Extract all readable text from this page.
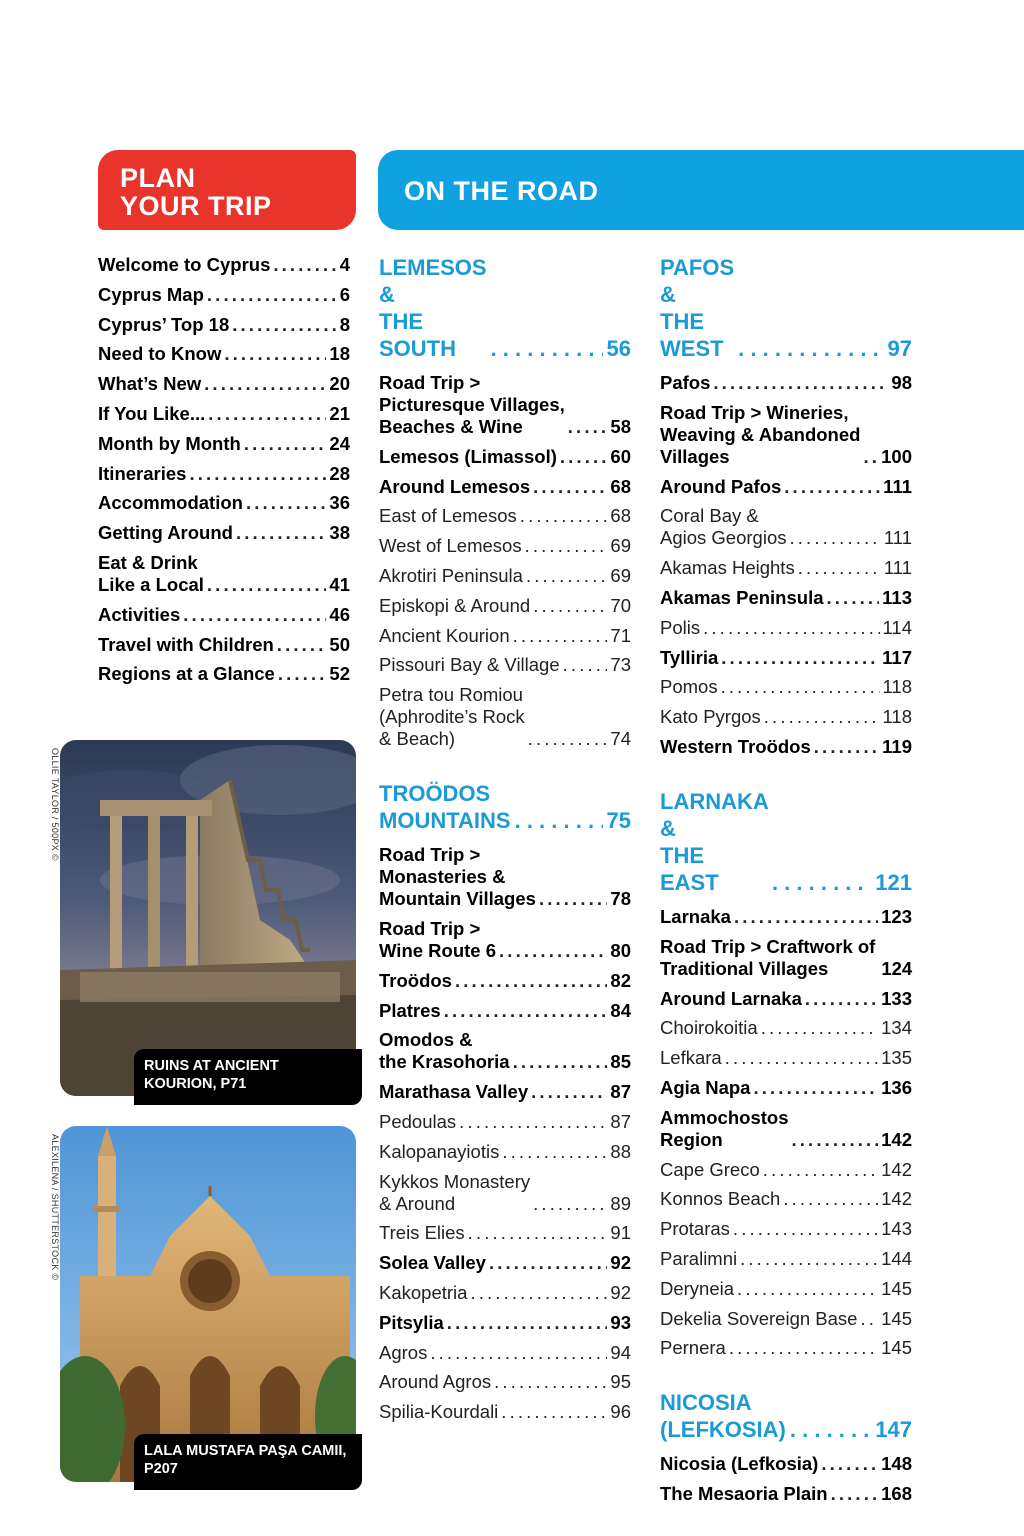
PLAN
YOUR TRIP	ON THE ROAD
Welcome to Cyprus . . .	4
Cyprus Map . . .	6
Cyprus’ Top 18 . . .	8
Need to Know . . .	18
What’s New . . .	20
If You Like... . . .	21
Month by Month . . .	24
Itineraries . . .	28
Accommodation . . .	36
Getting Around . . .	38
Eat & Drink
Like a Local . . .	41
Activities . . .	46
Travel with Children . . .	50
Regions at a Glance . . .	52
LEMESOS &
THE SOUTH . . .	56
Road Trip >
Picturesque Villages,
Beaches & Wine . . .	58
Lemesos (Limassol) . . .	60
Around Lemesos . . .	68
East of Lemesos . . .	68
West of Lemesos . . .	69
Akrotiri Peninsula . . .	69
Episkopi & Around . . .	70
Ancient Kourion . . .	71
Pissouri Bay & Village . . .	73
Petra tou Romiou
(Aphrodite’s Rock
& Beach) . . .	74
TROÖDOS
MOUNTAINS . . .	75
Road Trip >
Monasteries &
Mountain Villages . . .	78
Road Trip >
Wine Route 6 . . .	80
Troödos . . .	82
Platres . . .	84
Omodos &
the Krasohoria . . .	85
Marathasa Valley . . .	87
Pedoulas . . .	87
Kalopanayiotis . . .	88
Kykkos Monastery
& Around . . .	89
Treis Elies . . .	91
Solea Valley . . .	92
Kakopetria . . .	92
Pitsylia . . .	93
Agros . . .	94
Around Agros . . .	95
Spilia-Kourdali . . .	96
PAFOS &
THE WEST . . .	97
Pafos . . .	98
Road Trip > Wineries,
Weaving & Abandoned
Villages . . .	100
Around Pafos . . .	111
Coral Bay &
Agios Georgios . . .	111
Akamas Heights . . .	111
Akamas Peninsula . . .	113
Polis . . .	114
Tylliria . . .	117
Pomos . . .	118
Kato Pyrgos . . .	118
Western Troödos . . .	119
LARNAKA &
THE EAST . . .	121
Larnaka . . .	123
Road Trip > Craftwork of
Traditional Villages	124
Around Larnaka . . .	133
Choirokoitia . . .	134
Lefkara . . .	135
Agia Napa . . .	136
Ammochostos
Region . . .	142
Cape Greco . . .	142
Konnos Beach . . .	142
Protaras . . .	143
Paralimni . . .	144
Deryneia . . .	145
Dekelia Sovereign Base . . . 145
Pernera . . .	145
NICOSIA
(LEFKOSIA) . . .	147
Nicosia (Lefkosia) . . .	148
The Mesaoria Plain . . .	168
OLLIE TAYLOR / 500PX ©
RUINS AT ANCIENT
KOURION, P71
ALEXILENA / SHUTTERSTOCK ©
LALA MUSTAFA PAŞA CAMII,
P207
